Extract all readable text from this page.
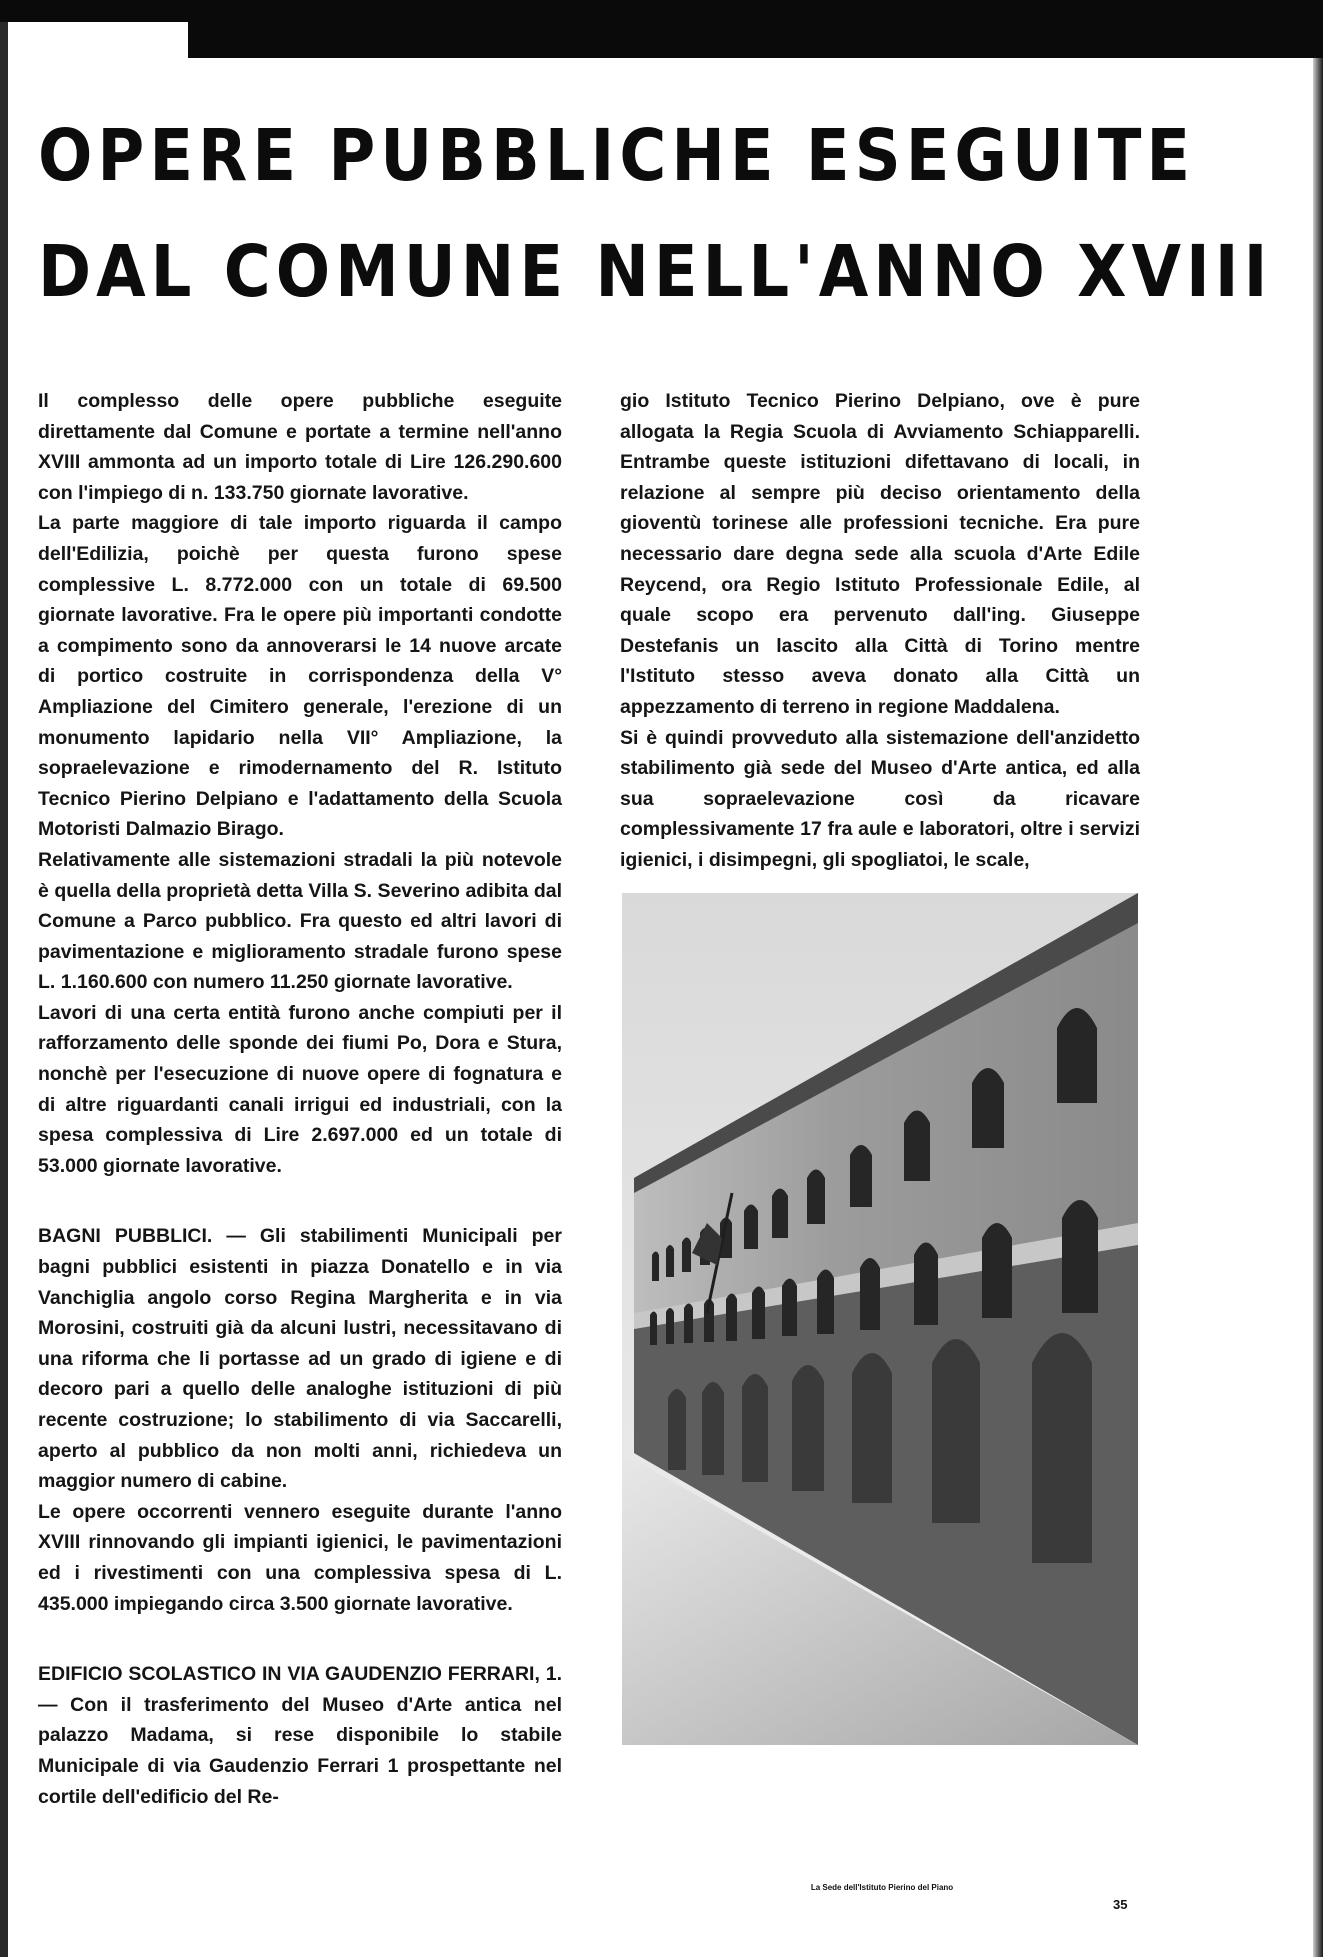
OPERE PUBBLICHE ESEGUITE
DAL COMUNE NELL'ANNO XVIII

Il complesso delle opere pubbliche eseguite direttamente dal Comune e portate a termine nell'anno XVIII ammonta ad un importo totale di Lire 126.290.600 con l'impiego di n. 133.750 giornate lavorative.

La parte maggiore di tale importo riguarda il campo dell'Edilizia, poichè per questa furono spese complessive L. 8.772.000 con un totale di 69.500 giornate lavorative. Fra le opere più importanti condotte a compimento sono da annoverarsi le 14 nuove arcate di portico costruite in corrispondenza della V° Ampliazione del Cimitero generale, l'erezione di un monumento lapidario nella VII° Ampliazione, la sopraelevazione e rimodernamento del R. Istituto Tecnico Pierino Delpiano e l'adattamento della Scuola Motoristi Dalmazio Birago.

Relativamente alle sistemazioni stradali la più notevole è quella della proprietà detta Villa S. Severino adibita dal Comune a Parco pubblico. Fra questo ed altri lavori di pavimentazione e miglioramento stradale furono spese L. 1.160.600 con numero 11.250 giornate lavorative.

Lavori di una certa entità furono anche compiuti per il rafforzamento delle sponde dei fiumi Po, Dora e Stura, nonchè per l'esecuzione di nuove opere di fognatura e di altre riguardanti canali irrigui ed industriali, con la spesa complessiva di Lire 2.697.000 ed un totale di 53.000 giornate lavorative.

BAGNI PUBBLICI. — Gli stabilimenti Municipali per bagni pubblici esistenti in piazza Donatello e in via Vanchiglia angolo corso Regina Margherita e in via Morosini, costruiti già da alcuni lustri, necessitavano di una riforma che li portasse ad un grado di igiene e di decoro pari a quello delle analoghe istituzioni di più recente costruzione; lo stabilimento di via Saccarelli, aperto al pubblico da non molti anni, richiedeva un maggior numero di cabine.

Le opere occorrenti vennero eseguite durante l'anno XVIII rinnovando gli impianti igienici, le pavimentazioni ed i rivestimenti con una complessiva spesa di L. 435.000 impiegando circa 3.500 giornate lavorative.

EDIFICIO SCOLASTICO IN VIA GAUDENZIO FERRARI, 1. — Con il trasferimento del Museo d'Arte antica nel palazzo Madama, si rese disponibile lo stabile Municipale di via Gaudenzio Ferrari 1 prospettante nel cortile dell'edificio del Re-

gio Istituto Tecnico Pierino Delpiano, ove è pure allogata la Regia Scuola di Avviamento Schiapparelli. Entrambe queste istituzioni difettavano di locali, in relazione al sempre più deciso orientamento della gioventù torinese alle professioni tecniche. Era pure necessario dare degna sede alla scuola d'Arte Edile Reycend, ora Regio Istituto Professionale Edile, al quale scopo era pervenuto dall'ing. Giuseppe Destefanis un lascito alla Città di Torino mentre l'Istituto stesso aveva donato alla Città un appezzamento di terreno in regione Maddalena.

Si è quindi provveduto alla sistemazione dell'anzidetto stabilimento già sede del Museo d'Arte antica, ed alla sua sopraelevazione così da ricavare complessivamente 17 fra aule e laboratori, oltre i servizi igienici, i disimpegni, gli spogliatoi, le scale,

La Sede dell'Istituto Pierino del Piano
35
